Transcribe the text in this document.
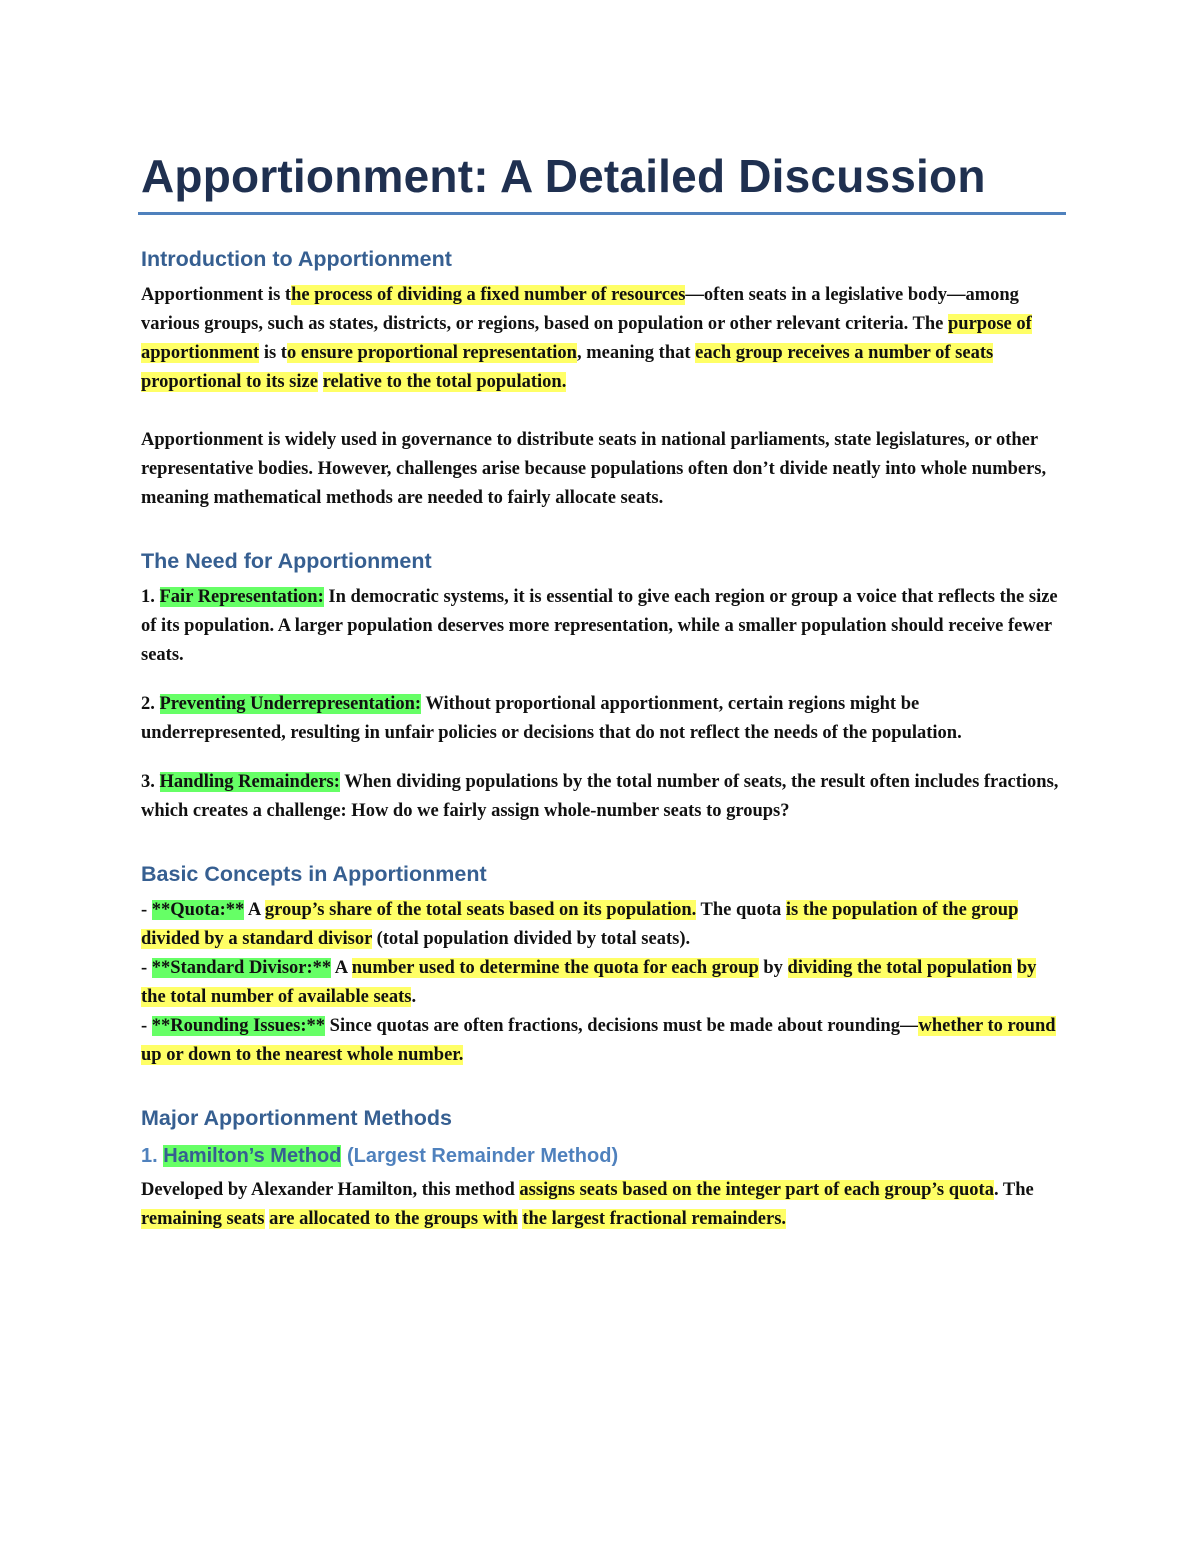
Apportionment: A Detailed Discussion
Introduction to Apportionment

Apportionment is the process of dividing a fixed number of resources—often seats in a legislative body—among various groups, such as states, districts, or regions, based on population or other relevant criteria. The purpose of apportionment is to ensure proportional representation, meaning that each group receives a number of seats proportional to its size relative to the total population.

Apportionment is widely used in governance to distribute seats in national parliaments, state legislatures, or other representative bodies. However, challenges arise because populations often don’t divide neatly into whole numbers, meaning mathematical methods are needed to fairly allocate seats.

The Need for Apportionment

1. Fair Representation: In democratic systems, it is essential to give each region or group a voice that reflects the size of its population. A larger population deserves more representation, while a smaller population should receive fewer seats.

2. Preventing Underrepresentation: Without proportional apportionment, certain regions might be underrepresented, resulting in unfair policies or decisions that do not reflect the needs of the population.

3. Handling Remainders: When dividing populations by the total number of seats, the result often includes fractions, which creates a challenge: How do we fairly assign whole-number seats to groups?

Basic Concepts in Apportionment

- **Quota:** A group’s share of the total seats based on its population. The quota is the population of the group divided by a standard divisor (total population divided by total seats).

- **Standard Divisor:** A number used to determine the quota for each group by dividing the total population by the total number of available seats.

- **Rounding Issues:** Since quotas are often fractions, decisions must be made about rounding—whether to round up or down to the nearest whole number.

Major Apportionment Methods
1. Hamilton’s Method (Largest Remainder Method)

Developed by Alexander Hamilton, this method assigns seats based on the integer part of each group’s quota. The remaining seats are allocated to the groups with the largest fractional remainders.
